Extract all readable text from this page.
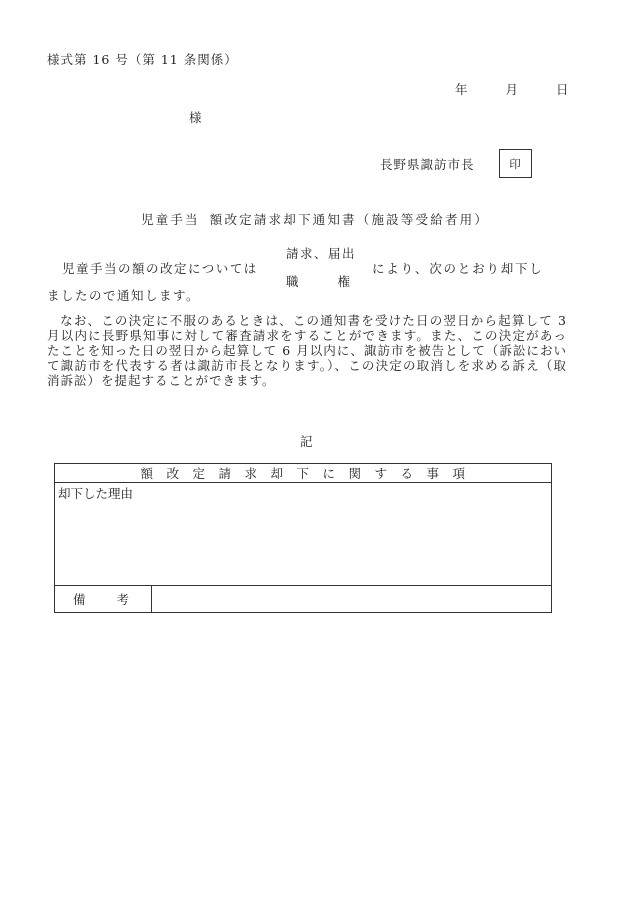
様式第 16 号（第 11 条関係）
年	月	日
様
長野県諏訪市長	印
児童手当 額改定請求却下通知書（施設等受給者用）
児童手当の額の改定については
請求、届出
職	権
により、次のとおり却下し
ましたので通知します。

なお、この決定に不服のあるときは、この通知書を受けた日の翌日から起算して 3 月以内に長野県知事に対して審査請求をすることができます。また、この決定があったことを知った日の翌日から起算して 6 月以内に、諏訪市を被告として（訴訟において諏訪市を代表する者は諏訪市長となります。）、この決定の取消しを求める訴え（取消訴訟）を提起することができます。

記
額改定請求却下に関する事項

却下した理由

備 考
